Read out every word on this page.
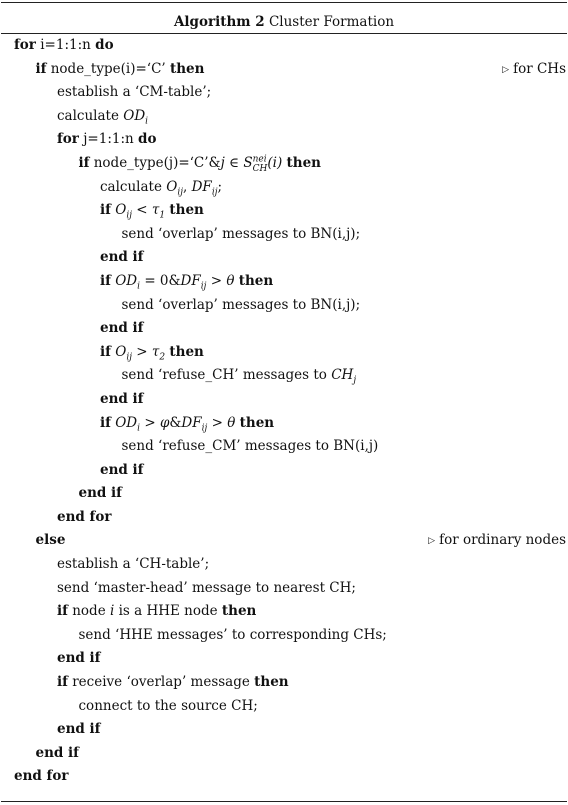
Algorithm 2 Cluster Formation
for i=1:1:n do
if node_type(i)=‘C’ then	▷ for CHs
establish a ‘CM-table’;
calculate $OD_i$
for j=1:1:n do
if node_type(j)=‘C’&j ∈ $S^{nei}_{CH}(i)$ then
calculate $O_{ij}$, $DF_{ij}$;
if $O_{ij} < \tau_1$ then
send ‘overlap’ messages to BN(i,j);
end if
if $OD_i$ = $0\&DF_{ij} > \theta$ then
send ‘overlap’ messages to BN(i,j);
end if
if $O_{ij} > \tau_2$ then
send ‘refuse_CH’ messages to $CH_j$
end if
if $OD_i$ > $\varphi\&DF_{ij} > \theta$ then
send ‘refuse_CM’ messages to BN(i,j)
end if
end if
end for
else	▷ for ordinary nodes
establish a ‘CH-table’;
send ‘master-head’ message to nearest CH;
if node i is a HHE node then
send ‘HHE messages’ to corresponding CHs;
end if
if receive ‘overlap’ message then
connect to the source CH;
end if
end if
end for
